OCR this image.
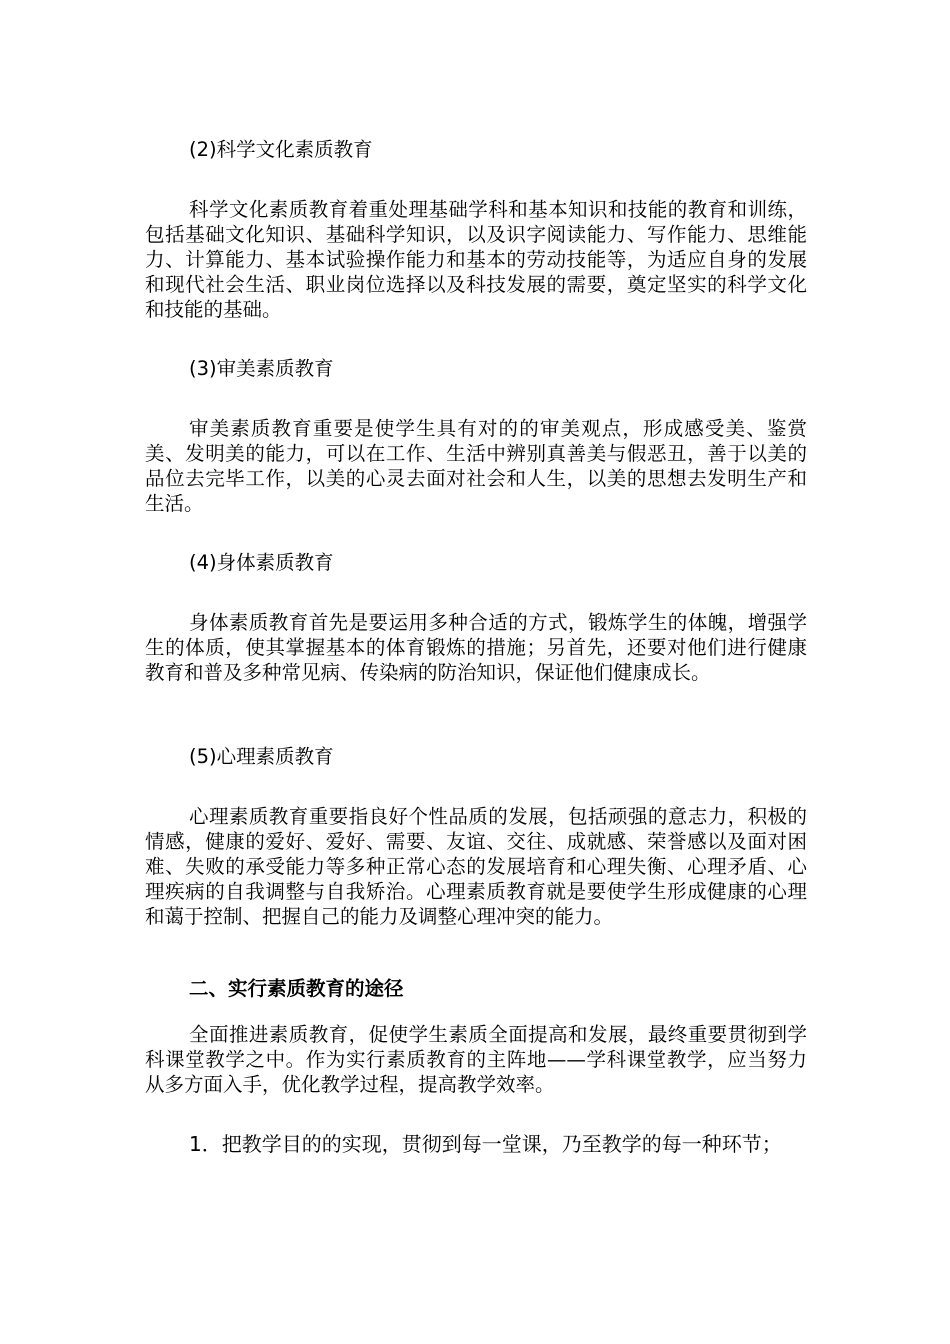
(2)科学文化素质教育

科学文化素质教育着重处理基础学科和基本知识和技能的教育和训练，包括基础文化知识、基础科学知识，以及识字阅读能力、写作能力、思维能力、计算能力、基本试验操作能力和基本的劳动技能等，为适应自身的发展和现代社会生活、职业岗位选择以及科技发展的需要，奠定坚实的科学文化和技能的基础。

(3)审美素质教育

审美素质教育重要是使学生具有对的的审美观点，形成感受美、鉴赏美、发明美的能力，可以在工作、生活中辨别真善美与假恶丑，善于以美的品位去完毕工作，以美的心灵去面对社会和人生，以美的思想去发明生产和生活。

(4)身体素质教育

身体素质教育首先是要运用多种合适的方式，锻炼学生的体魄，增强学生的体质，使其掌握基本的体育锻炼的措施；另首先，还要对他们进行健康教育和普及多种常见病、传染病的防治知识，保证他们健康成长。

(5)心理素质教育

心理素质教育重要指良好个性品质的发展，包括顽强的意志力，积极的情感，健康的爱好、爱好、需要、友谊、交往、成就感、荣誉感以及面对困难、失败的承受能力等多种正常心态的发展培育和心理失衡、心理矛盾、心理疾病的自我调整与自我矫治。心理素质教育就是要使学生形成健康的心理和蔼于控制、把握自己的能力及调整心理冲突的能力。

二、实行素质教育的途径

全面推进素质教育，促使学生素质全面提高和发展，最终重要贯彻到学科课堂教学之中。作为实行素质教育的主阵地——学科课堂教学，应当努力从多方面入手，优化教学过程，提高教学效率。

1．把教学目的的实现，贯彻到每一堂课，乃至教学的每一种环节；
